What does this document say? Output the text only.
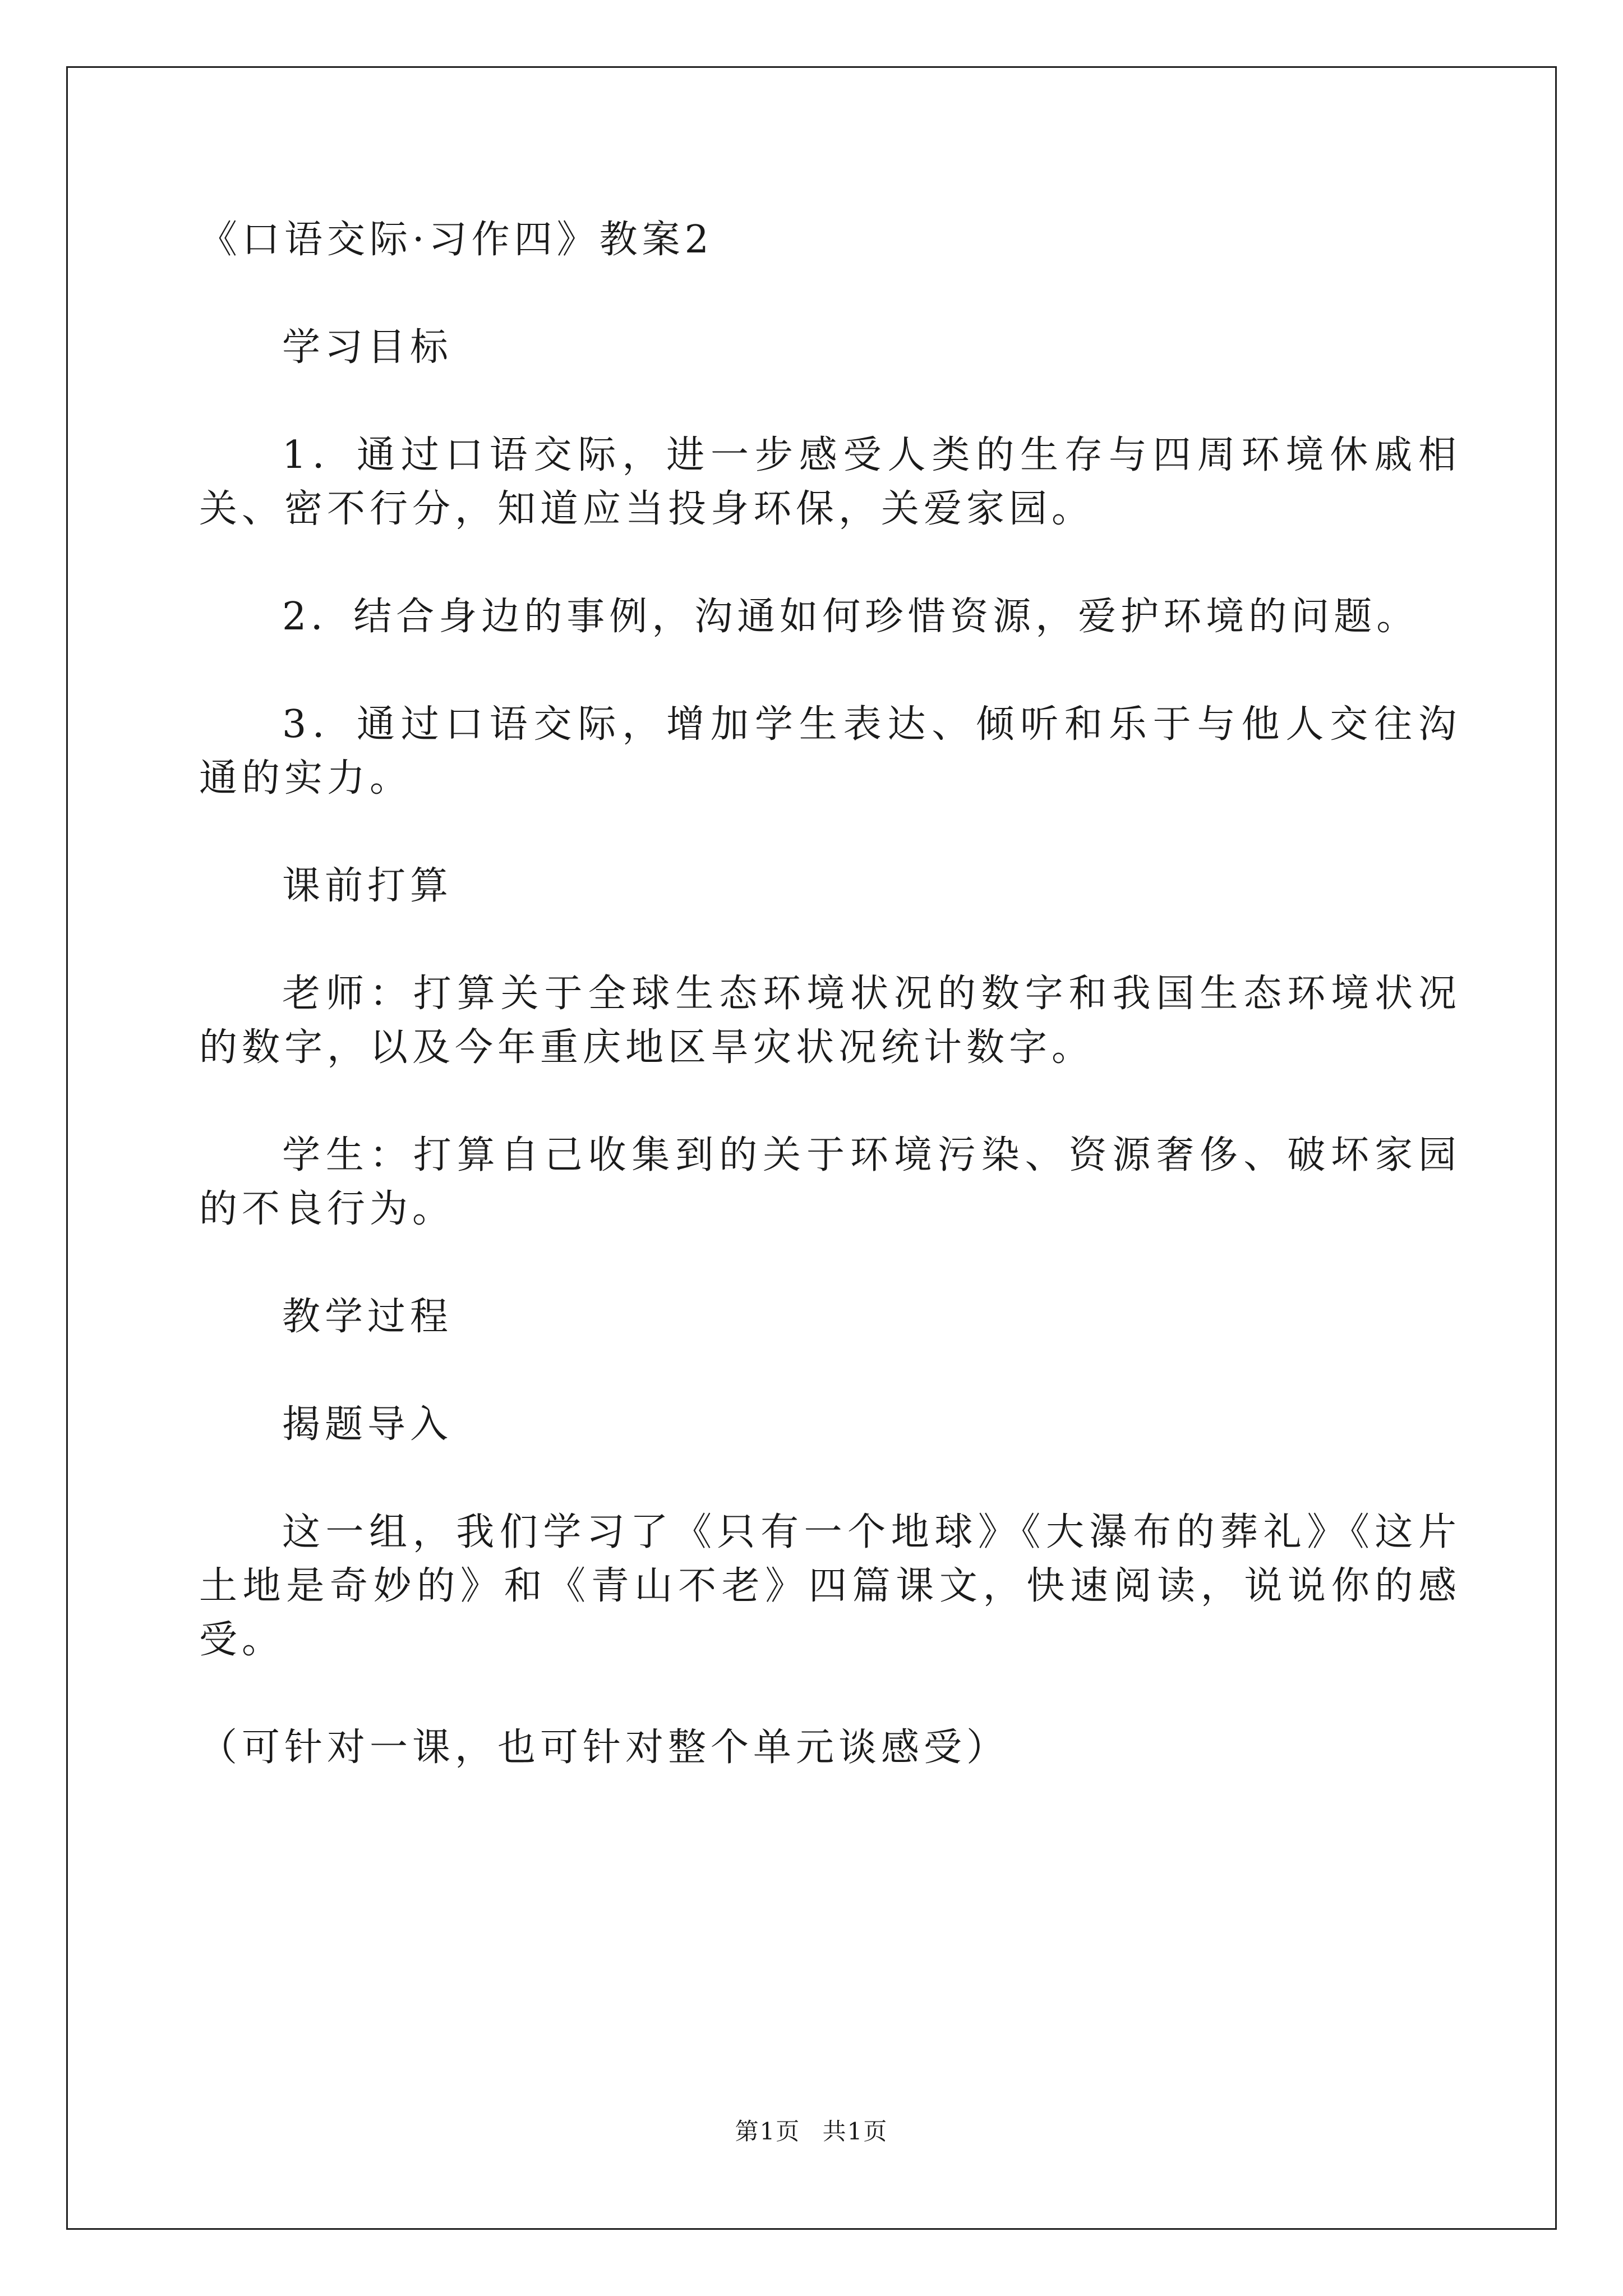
《口语交际·习作四》教案2

学习目标

1．通过口语交际，进一步感受人类的生存与四周环境休戚相关、密不行分，知道应当投身环保，关爱家园。

2．结合身边的事例，沟通如何珍惜资源，爱护环境的问题。

3．通过口语交际，增加学生表达、倾听和乐于与他人交往沟通的实力。

课前打算

老师：打算关于全球生态环境状况的数字和我国生态环境状况的数字，以及今年重庆地区旱灾状况统计数字。

学生：打算自己收集到的关于环境污染、资源奢侈、破坏家园的不良行为。

教学过程

揭题导入

这一组，我们学习了《只有一个地球》《大瀑布的葬礼》《这片土地是奇妙的》和《青山不老》四篇课文，快速阅读，说说你的感受。

（可针对一课，也可针对整个单元谈感受）

第1页 共1页
